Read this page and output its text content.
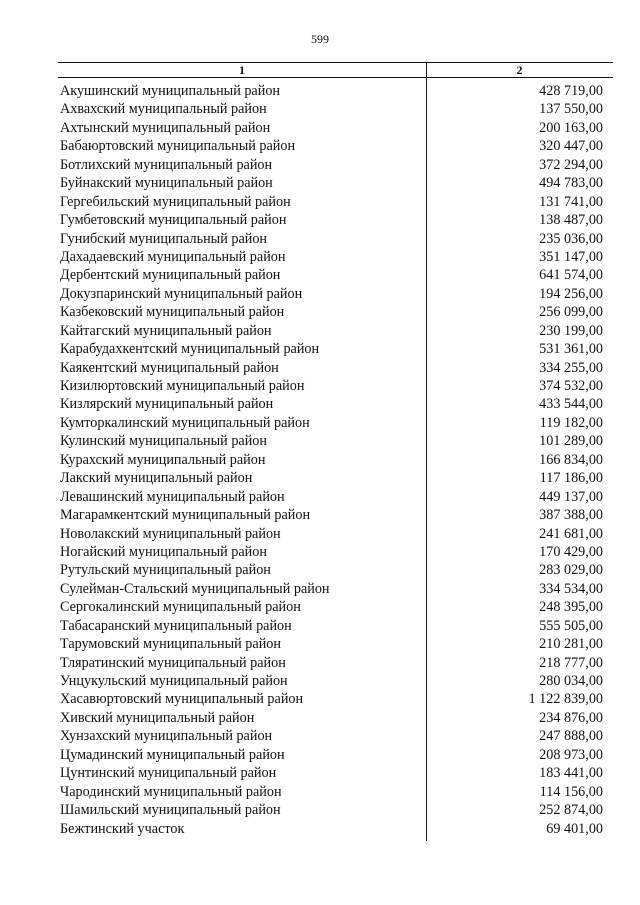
599
1	2
Акушинский муниципальный район	428 719,00
Ахвахский муниципальный район	137 550,00
Ахтынский муниципальный район	200 163,00
Бабаюртовский муниципальный район	320 447,00
Ботлихский муниципальный район	372 294,00
Буйнакский муниципальный район	494 783,00
Гергебильский муниципальный район	131 741,00
Гумбетовский муниципальный район	138 487,00
Гунибский муниципальный район	235 036,00
Дахадаевский муниципальный район	351 147,00
Дербентский муниципальный район	641 574,00
Докузпаринский муниципальный район	194 256,00
Казбековский муниципальный район	256 099,00
Кайтагский муниципальный район	230 199,00
Карабудахкентский муниципальный район	531 361,00
Каякентский муниципальный район	334 255,00
Кизилюртовский муниципальный район	374 532,00
Кизлярский муниципальный район	433 544,00
Кумторкалинский муниципальный район	119 182,00
Кулинский муниципальный район	101 289,00
Курахский муниципальный район	166 834,00
Лакский муниципальный район	117 186,00
Левашинский муниципальный район	449 137,00
Магарамкентский муниципальный район	387 388,00
Новолакский муниципальный район	241 681,00
Ногайский муниципальный район	170 429,00
Рутульский муниципальный район	283 029,00
Сулейман-Стальский муниципальный район	334 534,00
Сергокалинский муниципальный район	248 395,00
Табасаранский муниципальный район	555 505,00
Тарумовский муниципальный район	210 281,00
Тляратинский муниципальный район	218 777,00
Унцукульский муниципальный район	280 034,00
Хасавюртовский муниципальный район	1 122 839,00
Хивский муниципальный район	234 876,00
Хунзахский муниципальный район	247 888,00
Цумадинский муниципальный район	208 973,00
Цунтинский муниципальный район	183 441,00
Чародинский муниципальный район	114 156,00
Шамильский муниципальный район	252 874,00
Бежтинский участок	69 401,00
